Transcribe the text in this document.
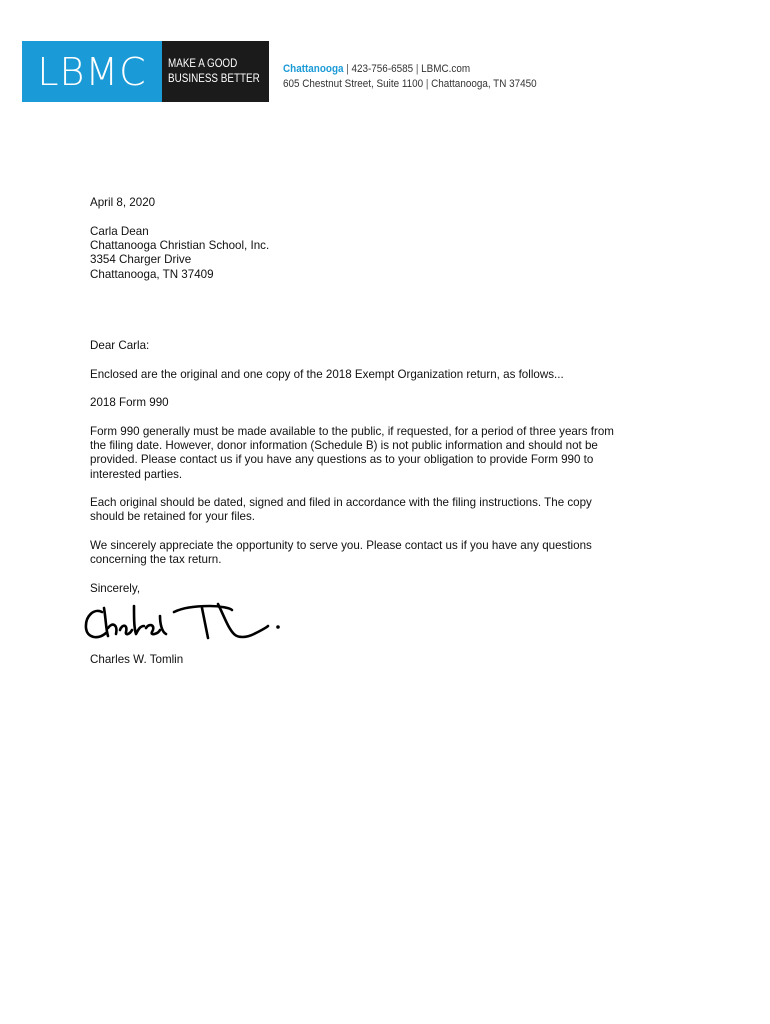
LBMC MAKE A GOOD
BUSINESS BETTER
Chattanooga | 423-756-6585 | LBMC.com
605 Chestnut Street, Suite 1100 | Chattanooga, TN 37450
April 8, 2020
Carla Dean
Chattanooga Christian School, Inc.
3354 Charger Drive
Chattanooga, TN 37409
Dear Carla:
Enclosed are the original and one copy of the 2018 Exempt Organization return, as follows...
2018 Form 990
Form 990 generally must be made available to the public, if requested, for a period of three years from
the filing date. However, donor information (Schedule B) is not public information and should not be
provided. Please contact us if you have any questions as to your obligation to provide Form 990 to
interested parties.
Each original should be dated, signed and filed in accordance with the filing instructions. The copy
should be retained for your files.
We sincerely appreciate the opportunity to serve you. Please contact us if you have any questions
concerning the tax return.
Sincerely,
Charles W. Tomlin
